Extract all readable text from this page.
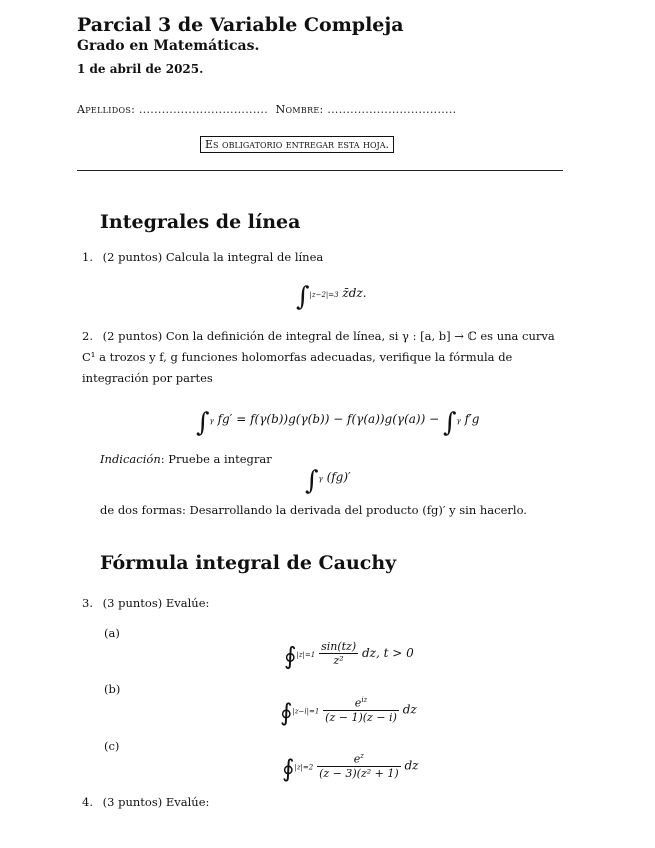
Parcial 3 de Variable Compleja
Grado en Matemáticas.
1 de abril de 2025.
Apellidos: .................................. Nombre: ..................................
Es obligatorio entregar esta hoja.
Integrales de línea
1. (2 puntos) Calcula la integral de línea
∫|z−2|=3 z̄dz.
2. (2 puntos) Con la definición de integral de línea, si γ : [a, b] → ℂ es una curva C¹ a trozos y f, g funciones holomorfas adecuadas, verifique la fórmula de integración por partes
∫γ fg′ = f(γ(b))g(γ(b)) − f(γ(a))g(γ(a)) − ∫γ f′g
Indicación: Pruebe a integrar
∫γ (fg)′
de dos formas: Desarrollando la derivada del producto (fg)′ y sin hacerlo.
Fórmula integral de Cauchy
3. (3 puntos) Evalúe:
(a)
∮|z|=1 $\frac{\sin(tz)}{\text{z²}}$ dz, t > 0
(b)
∮|z−i|=1 $\frac{e^{iz}}{(z - 1)(z - i)}$ dz
(c)
∮|z|=2 $\frac{e^z}{\text{(z − 3)(z² + 1)}}$ dz
4. (3 puntos) Evalúe:
